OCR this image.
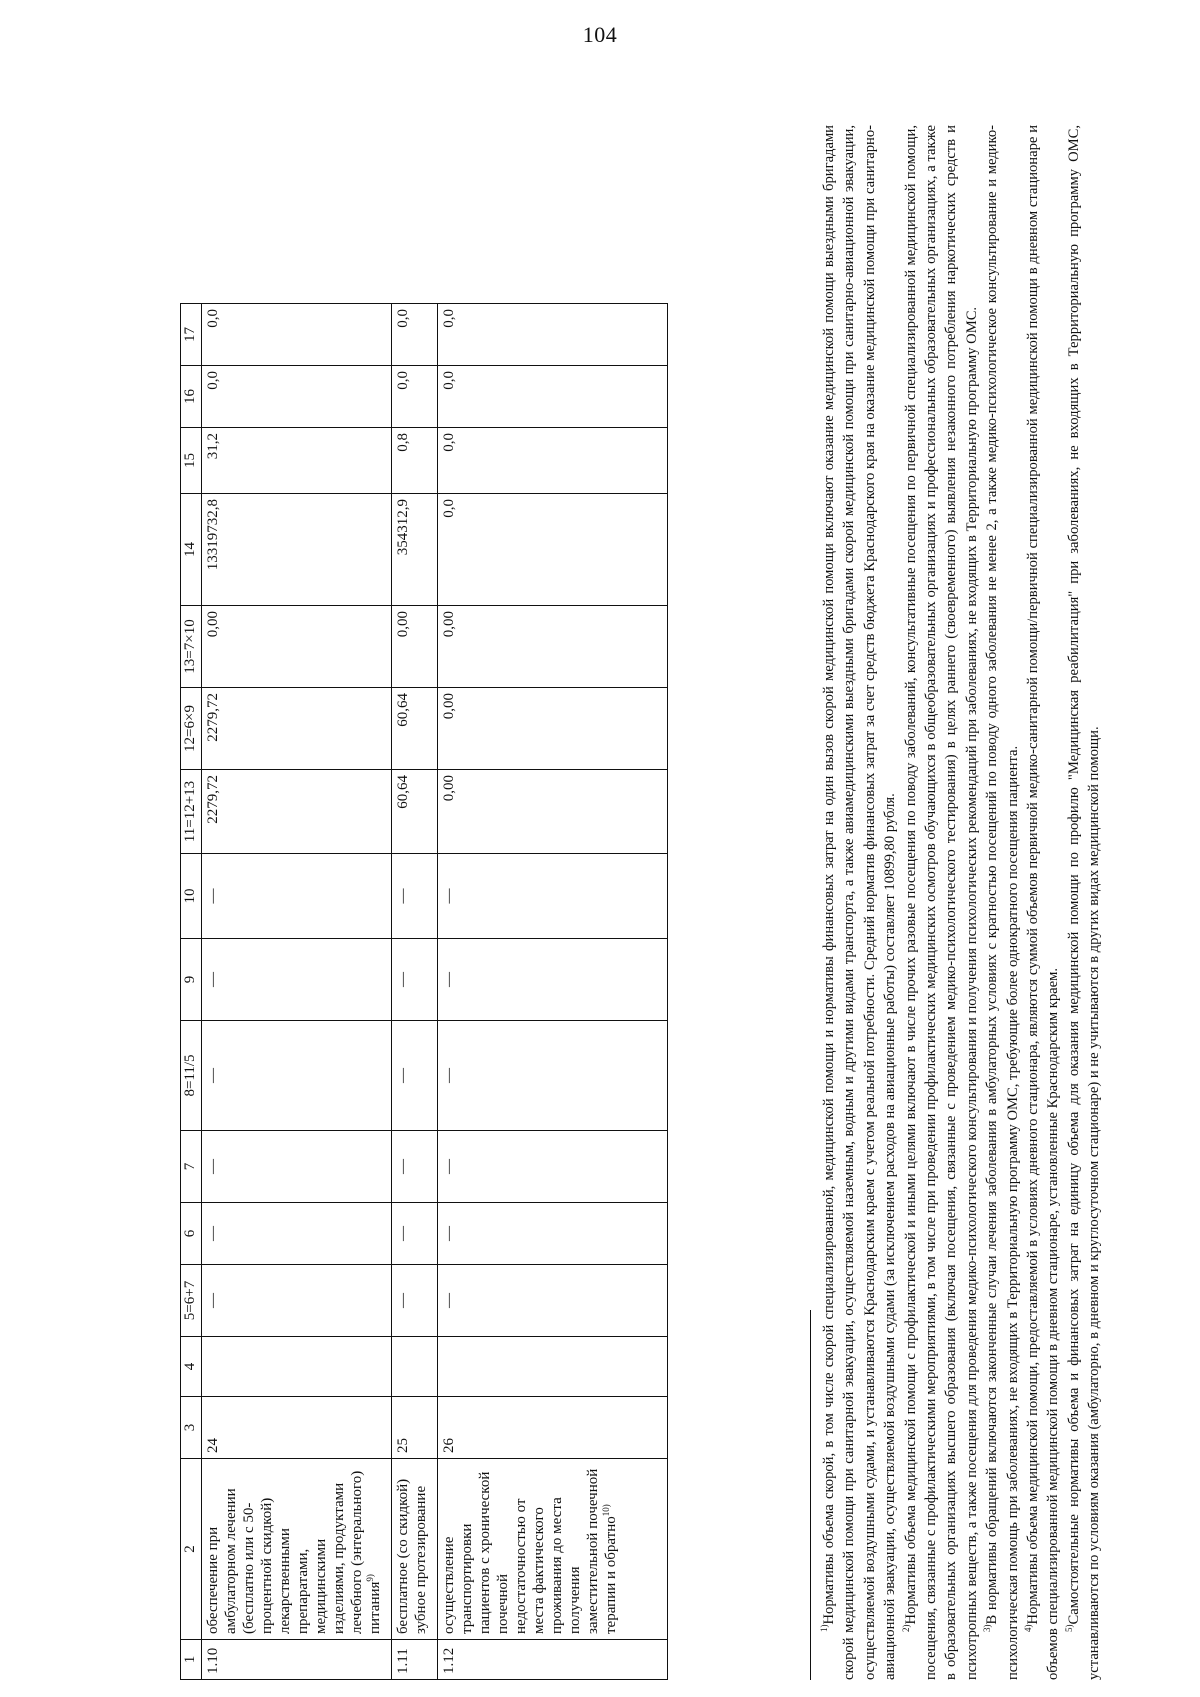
104
1	2	3	4	5=6+7	6	7	8=11/5	9	10	11=12+13	12=6×9	13=7×10	14	15	16	17
1.10	обеспечение при амбулаторном лечении (бесплатно или с 50-процентной скидкой) лекарственными препаратами, медицинскими изделиями, продуктами лечебного (энтерального) питания$^{9)}$	24		—	—	—	—	—	—	2279,72	2279,72	0,00	13319732,8	31,2	0,0	0,0
1.11	бесплатное (со скидкой) зубное протезирование	25		—	—	—	—	—	—	60,64	60,64	0,00	354312,9	0,8	0,0	0,0
1.12	осуществление транспортировки пациентов с хронической почечной недостаточностью от места фактического проживания до места получения заместительной почечной терапии и обратно$^{10)}$	26		—	—	—	—	—	—	0,00	0,00	0,00	0,0	0,0	0,0	0,0

$^{1)}$Нормативы объема скорой, в том числе скорой специализированной, медицинской помощи и нормативы финансовых затрат на один вызов скорой медицинской помощи включают оказание медицинской помощи выездными бригадами скорой медицинской помощи при санитарной эвакуации, осуществляемой наземным, водным и другими видами транспорта, а также авиамедицинскими выездными бригадами скорой медицинской помощи при санитарно-авиационной эвакуации, осуществляемой воздушными судами, и устанавливаются Краснодарским краем с учетом реальной потребности. Средний норматив финансовых затрат за счет средств бюджета Краснодарского края на оказание медицинской помощи при санитарно-авиационной эвакуации, осуществляемой воздушными судами (за исключением расходов на авиационные работы) составляет 10899,80 рубля. $^{2)}$Нормативы объема медицинской помощи с профилактической и иными целями включают в числе прочих разовые посещения по поводу заболеваний, консультативные посещения по первичной специализированной медицинской помощи, посещения, связанные с профилактическими мероприятиями, в том числе при проведении профилактических медицинских осмотров обучающихся в общеобразовательных организациях и профессиональных образовательных организациях, а также в образовательных организациях высшего образования (включая посещения, связанные с проведением медико-психологического тестирования) в целях раннего (своевременного) выявления незаконного потребления наркотических средств и психотропных веществ, а также посещения для проведения медико-психологического консультирования и получения психологических рекомендаций при заболеваниях, не входящих в Территориальную программу ОМС. $^{3)}$В нормативы обращений включаются законченные случаи лечения заболевания в амбулаторных условиях с кратностью посещений по поводу одного заболевания не менее 2, а также медико-психологическое консультирование и медико-психологическая помощь при заболеваниях, не входящих в Территориальную программу ОМС, требующие более однократного посещения пациента. $^{4)}$Нормативы объема медицинской помощи, предоставляемой в условиях дневного стационара, являются суммой объемов первичной медико-санитарной помощи/первичной специализированной медицинской помощи в дневном стационаре и объемов специализированной медицинской помощи в дневном стационаре, установленные Краснодарским краем. $^{5)}$Самостоятельные нормативы объема и финансовых затрат на единицу объема для оказания медицинской помощи по профилю "Медицинская реабилитация" при заболеваниях, не входящих в Территориальную программу ОМС, устанавливаются по условиям оказания (амбулаторно, в дневном и круглосуточном стационаре) и не учитываются в других видах медицинской помощи.
